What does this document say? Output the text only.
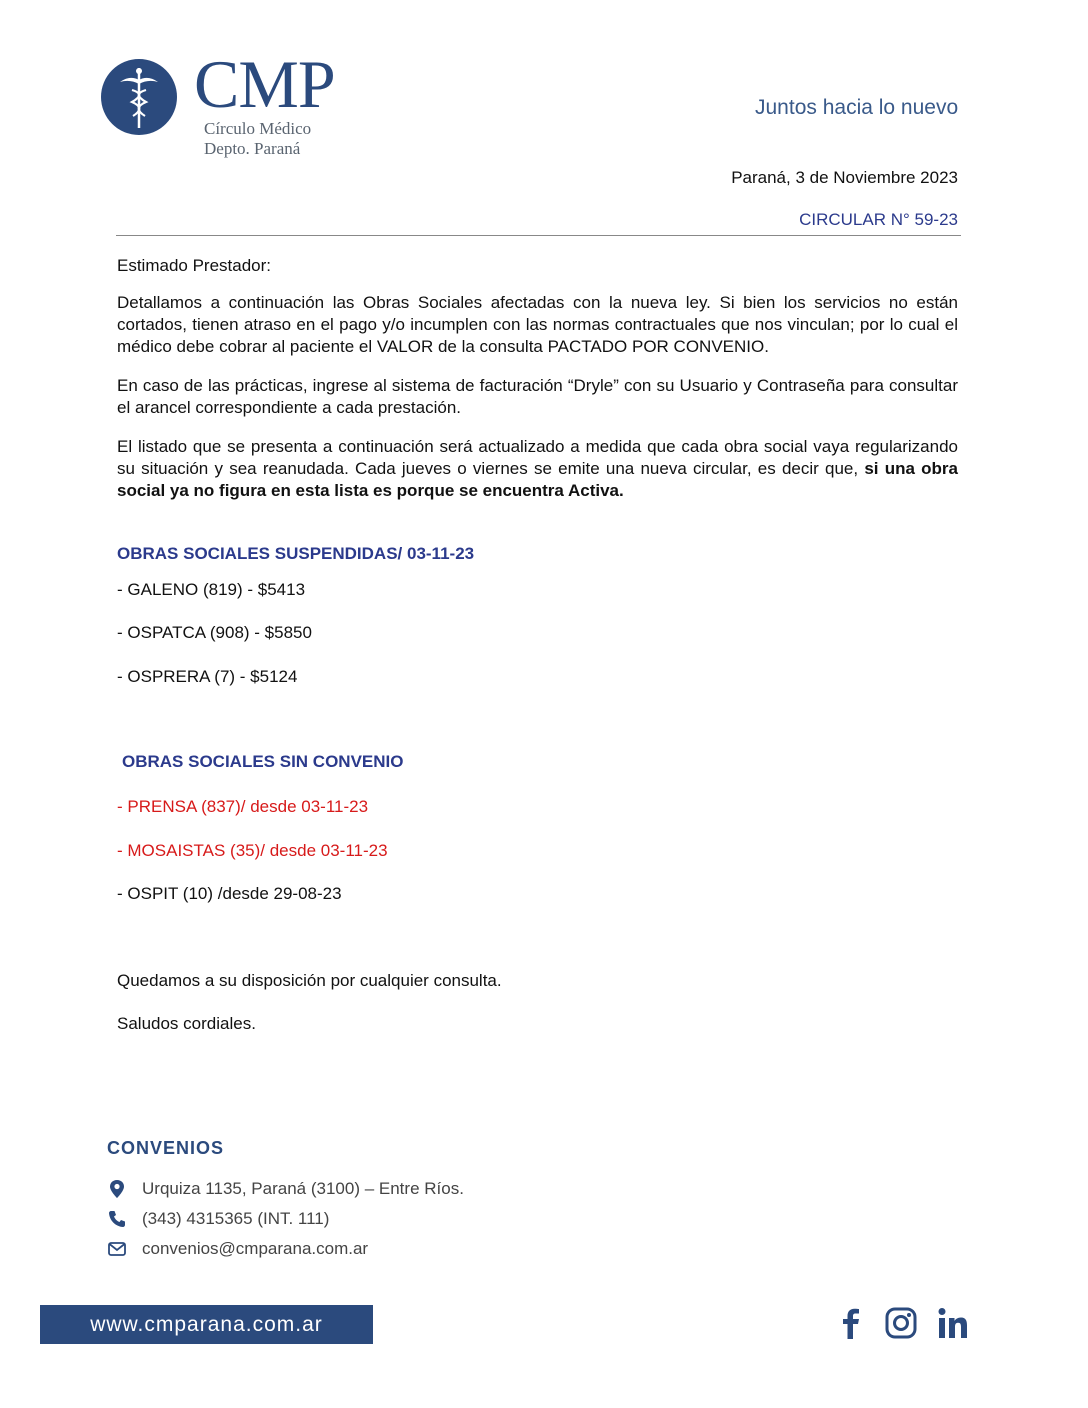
CMP
Círculo Médico
Depto. Paraná
Juntos hacia lo nuevo
Paraná, 3 de Noviembre 2023
CIRCULAR N° 59-23
Estimado Prestador:
Detallamos a continuación las Obras Sociales afectadas con la nueva ley. Si bien los servicios no están cortados, tienen atraso en el pago y/o incumplen con las normas contractuales que nos vinculan; por lo cual el médico debe cobrar al paciente el VALOR de la consulta PACTADO POR CONVENIO.
En caso de las prácticas, ingrese al sistema de facturación “Dryle” con su Usuario y Contraseña para consultar el arancel correspondiente a cada prestación.
El listado que se presenta a continuación será actualizado a medida que cada obra social vaya regularizando su situación y sea reanudada. Cada jueves o viernes se emite una nueva circular, es decir que, si una obra social ya no figura en esta lista es porque se encuentra Activa.
OBRAS SOCIALES SUSPENDIDAS/ 03-11-23
- GALENO (819) - $5413
- OSPATCA (908) - $5850
- OSPRERA (7) - $5124
OBRAS SOCIALES SIN CONVENIO
- PRENSA (837)/ desde 03-11-23
- MOSAISTAS (35)/ desde 03-11-23
- OSPIT (10) /desde 29-08-23
Quedamos a su disposición por cualquier consulta.
Saludos cordiales.
CONVENIOS
Urquiza 1135, Paraná (3100) – Entre Ríos.
(343) 4315365 (INT. 111)
convenios@cmparana.com.ar
www.cmparana.com.ar
